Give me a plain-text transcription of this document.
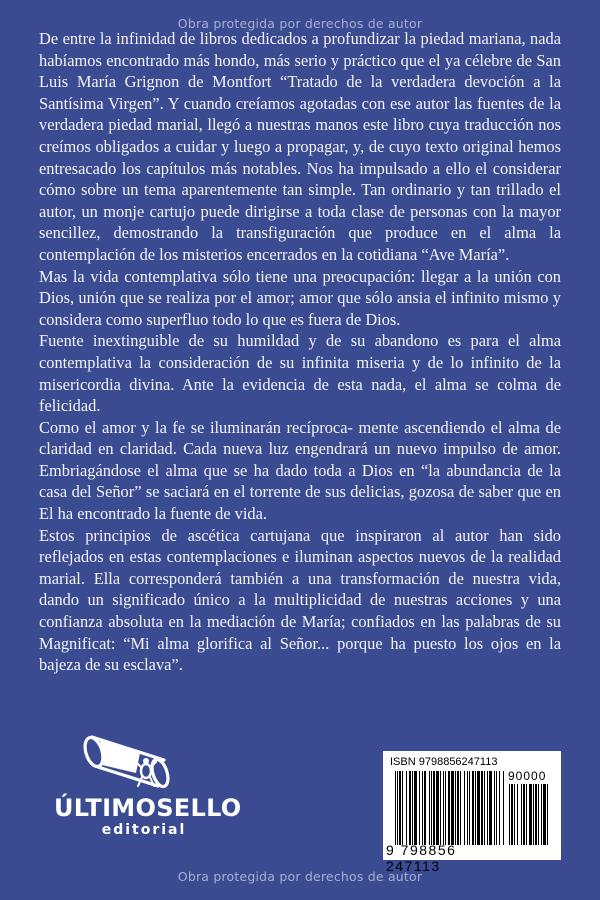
Obra protegida por derechos de autor

De entre la infinidad de libros dedicados a profundizar la piedad mariana, nada habíamos encontrado más hondo, más serio y práctico que el ya célebre de San Luis María Grignon de Montfort “Tratado de la verdadera devoción a la Santísima Virgen”. Y cuando creíamos agotadas con ese autor las fuentes de la verdadera piedad marial, llegó a nuestras manos este libro cuya traducción nos creímos obligados a cuidar y luego a propagar, y, de cuyo texto original hemos entresacado los capítulos más notables. Nos ha impulsado a ello el considerar cómo sobre un tema aparentemente tan simple. Tan ordinario y tan trillado el autor, un monje cartujo puede dirigirse a toda clase de personas con la mayor sencillez, demostrando la transfiguración que produce en el alma la contemplación de los misterios encerrados en la cotidiana “Ave María”.

Mas la vida contemplativa sólo tiene una preocupación: llegar a la unión con Dios, unión que se realiza por el amor; amor que sólo ansia el infinito mismo y considera como superfluo todo lo que es fuera de Dios.

Fuente inextinguible de su humildad y de su abandono es para el alma contemplativa la consideración de su infinita miseria y de lo infinito de la misericordia divina. Ante la evidencia de esta nada, el alma se colma de felicidad.

Como el amor y la fe se iluminarán recíproca- mente ascendiendo el alma de claridad en claridad. Cada nueva luz engendrará un nuevo impulso de amor. Embriagándose el alma que se ha dado toda a Dios en “la abundancia de la casa del Señor” se saciará en el torrente de sus delicias, gozosa de saber que en El ha encontrado la fuente de vida.

Estos principios de ascética cartujana que inspiraron al autor han sido reflejados en estas contemplaciones e iluminan aspectos nuevos de la realidad marial. Ella corresponderá también a una transformación de nuestra vida, dando un significado único a la multiplicidad de nuestras acciones y una confianza absoluta en la mediación de María; confiados en las palabras de su Magnificat: “Mi alma glorifica al Señor... porque ha puesto los ojos en la bajeza de su esclava”.

ÚLTIMOSELLO
editorial
ISBN 9798856247113
90000
9 798856 247113
Obra protegida por derechos de autor
